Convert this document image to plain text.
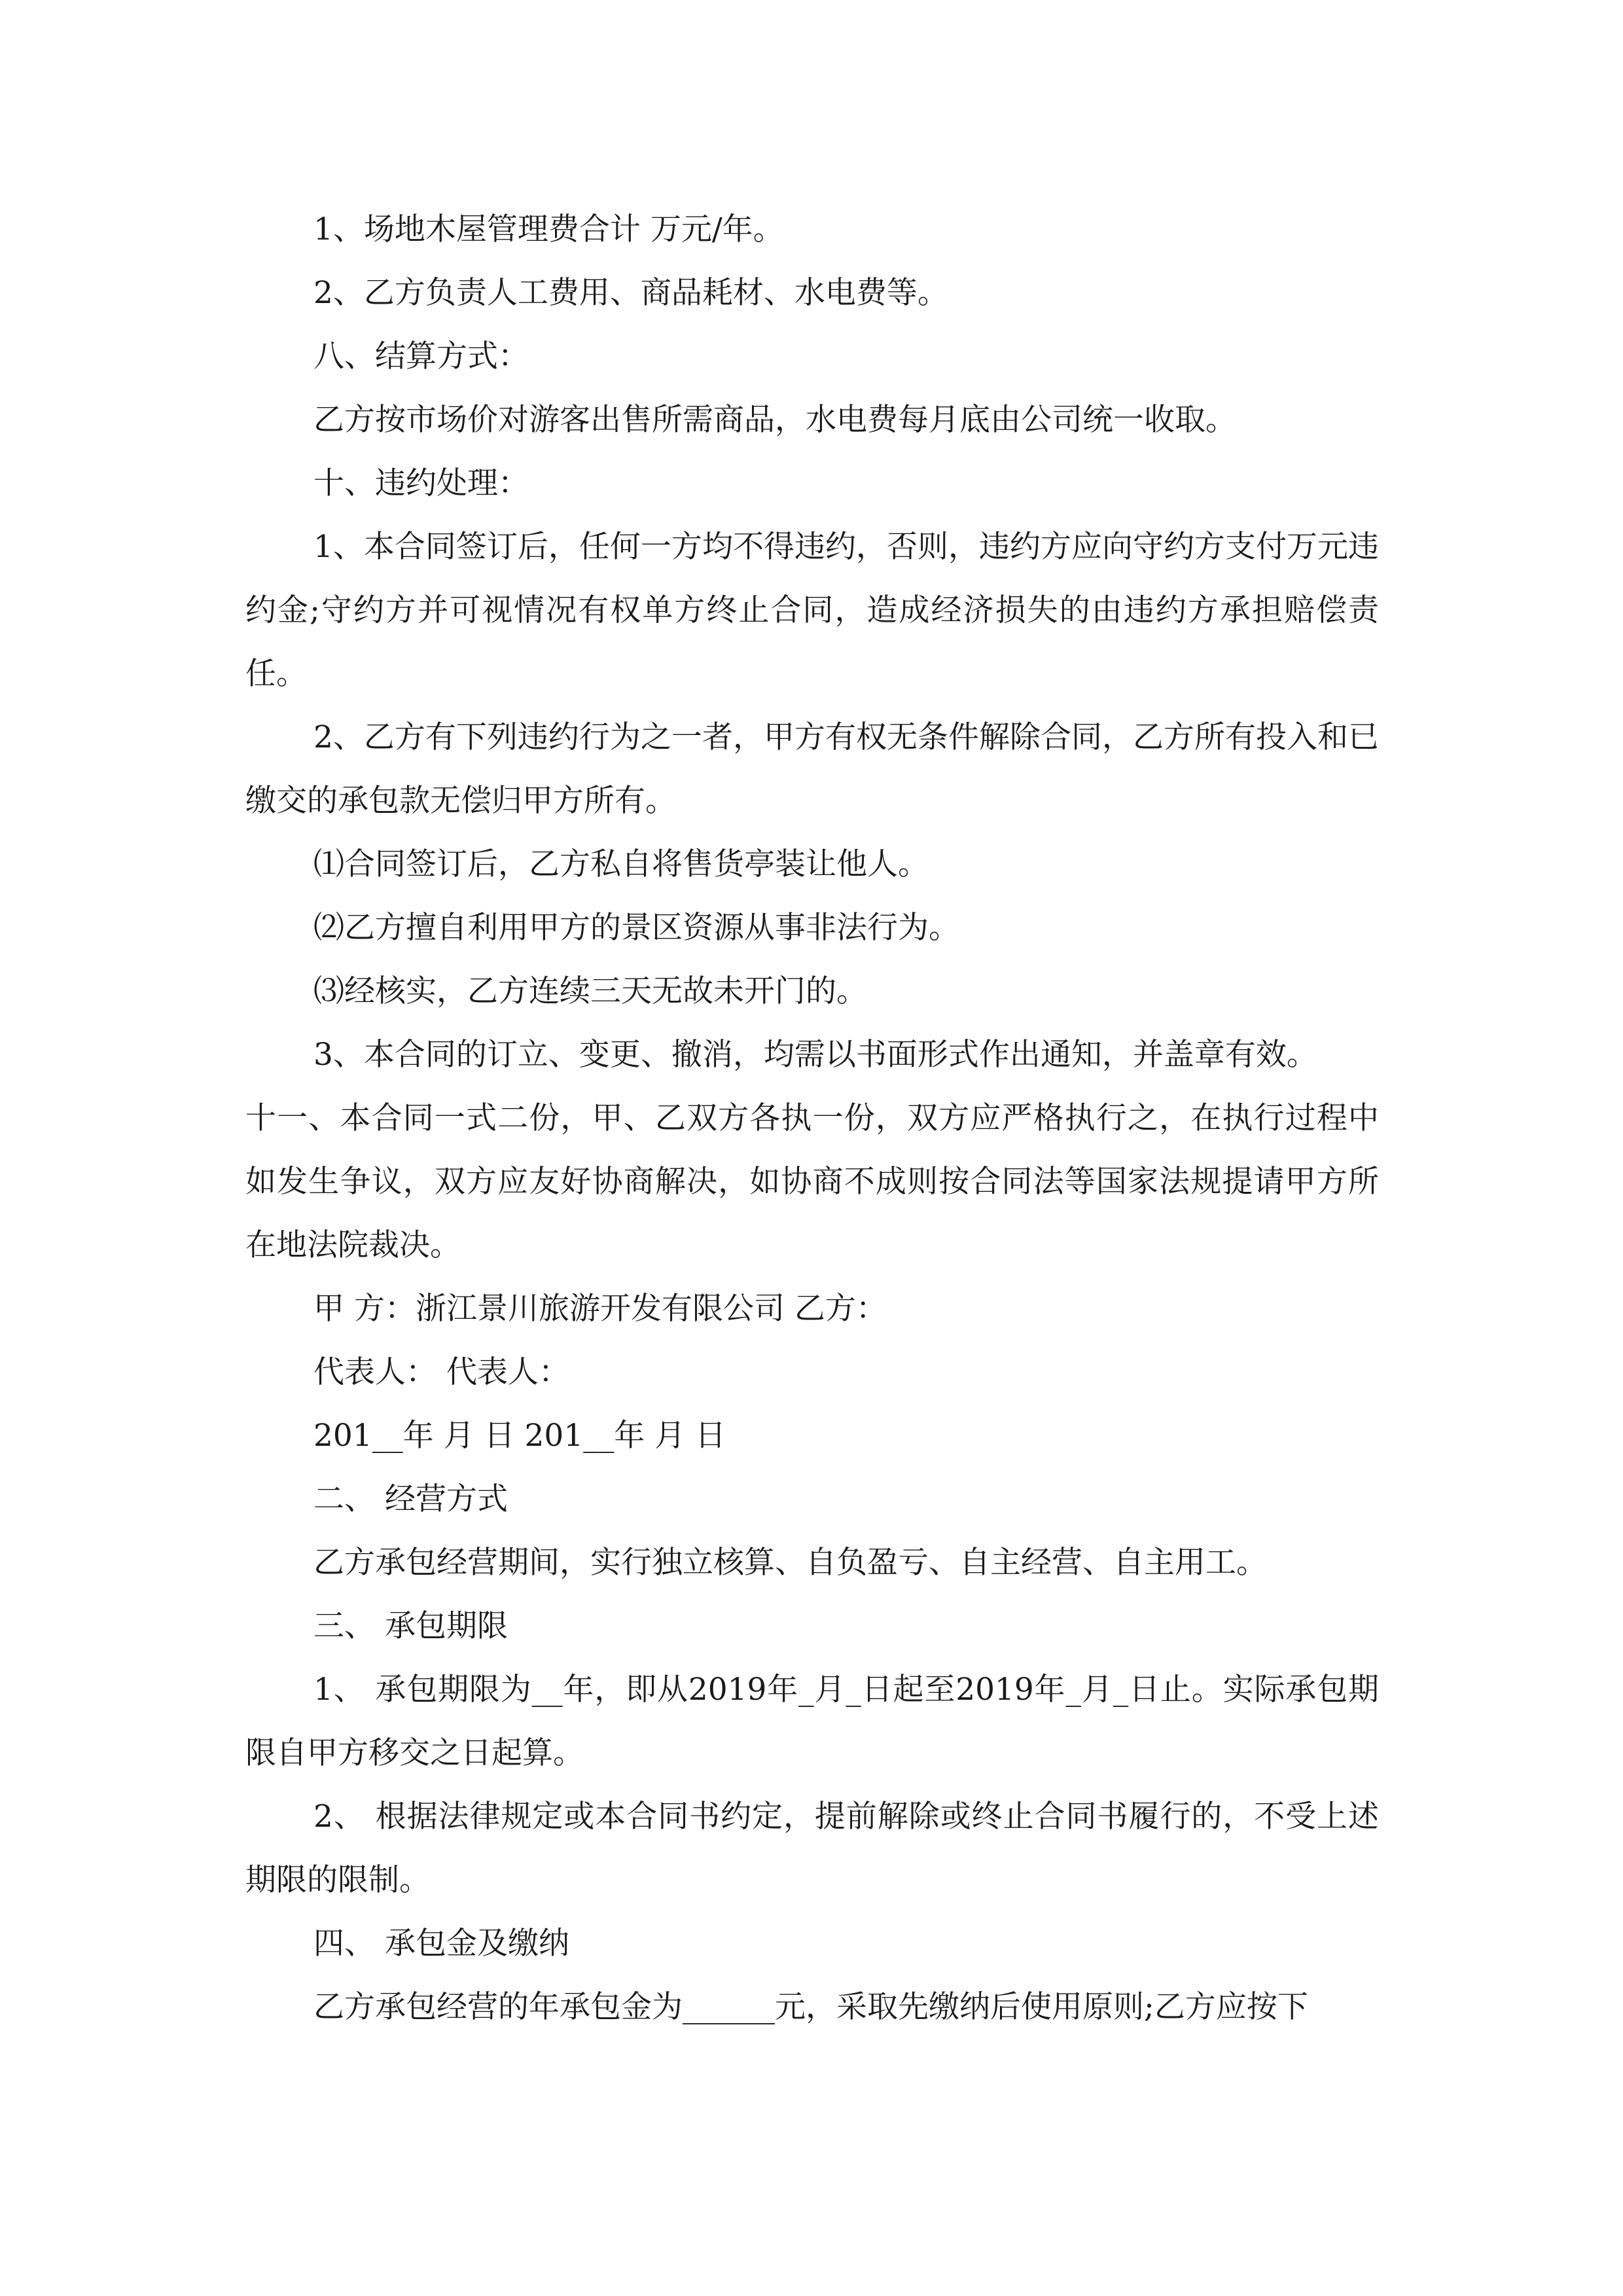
1、场地木屋管理费合计 万元/年。

2、乙方负责人工费用、商品耗材、水电费等。

八、结算方式：

乙方按市场价对游客出售所需商品，水电费每月底由公司统一收取。

十、违约处理：

1、本合同签订后，任何一方均不得违约，否则，违约方应向守约方支付万元违约金;守约方并可视情况有权单方终止合同，造成经济损失的由违约方承担赔偿责任。

2、乙方有下列违约行为之一者，甲方有权无条件解除合同，乙方所有投入和已缴交的承包款无偿归甲方所有。

⑴合同签订后，乙方私自将售货亭装让他人。

⑵乙方擅自利用甲方的景区资源从事非法行为。

⑶经核实，乙方连续三天无故未开门的。

3、本合同的订立、变更、撤消，均需以书面形式作出通知，并盖章有效。

十一、本合同一式二份，甲、乙双方各执一份，双方应严格执行之，在执行过程中如发生争议，双方应友好协商解决，如协商不成则按合同法等国家法规提请甲方所在地法院裁决。

甲 方：浙江景川旅游开发有限公司 乙方：

代表人： 代表人：

201__年 月 日 201__年 月 日

二、 经营方式

乙方承包经营期间，实行独立核算、自负盈亏、自主经营、自主用工。

三、 承包期限

1、 承包期限为__年，即从2019年_月_日起至2019年_月_日止。实际承包期限自甲方移交之日起算。

2、 根据法律规定或本合同书约定，提前解除或终止合同书履行的，不受上述期限的限制。

四、 承包金及缴纳

乙方承包经营的年承包金为______元，采取先缴纳后使用原则;乙方应按下
